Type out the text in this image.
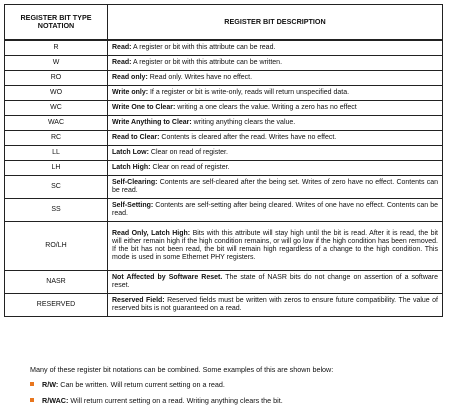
REGISTER BIT TYPE NOTATION	REGISTER BIT DESCRIPTION
R	Read: A register or bit with this attribute can be read.
W	Read: A register or bit with this attribute can be written.
RO	Read only: Read only. Writes have no effect.
WO	Write only: If a register or bit is write-only, reads will return unspecified data.
WC	Write One to Clear: writing a one clears the value. Writing a zero has no effect
WAC	Write Anything to Clear: writing anything clears the value.
RC	Read to Clear: Contents is cleared after the read. Writes have no effect.
LL	Latch Low: Clear on read of register.
LH	Latch High: Clear on read of register.
SC	Self-Clearing: Contents are self-cleared after the being set. Writes of zero have no effect. Contents can be read.
SS	Self-Setting: Contents are self-setting after being cleared. Writes of one have no effect. Contents can be read.
RO/LH	Read Only, Latch High: Bits with this attribute will stay high until the bit is read. After it is read, the bit will either remain high if the high condition remains, or will go low if the high condition has been removed. If the bit has not been read, the bit will remain high regardless of a change to the high condition. This mode is used in some Ethernet PHY registers.
NASR	Not Affected by Software Reset. The state of NASR bits do not change on assertion of a software reset.
RESERVED	Reserved Field: Reserved fields must be written with zeros to ensure future compatibility. The value of reserved bits is not guaranteed on a read.

Many of these register bit notations can be combined. Some examples of this are shown below:

R/W: Can be written. Will return current setting on a read.
R/WAC: Will return current setting on a read. Writing anything clears the bit.
